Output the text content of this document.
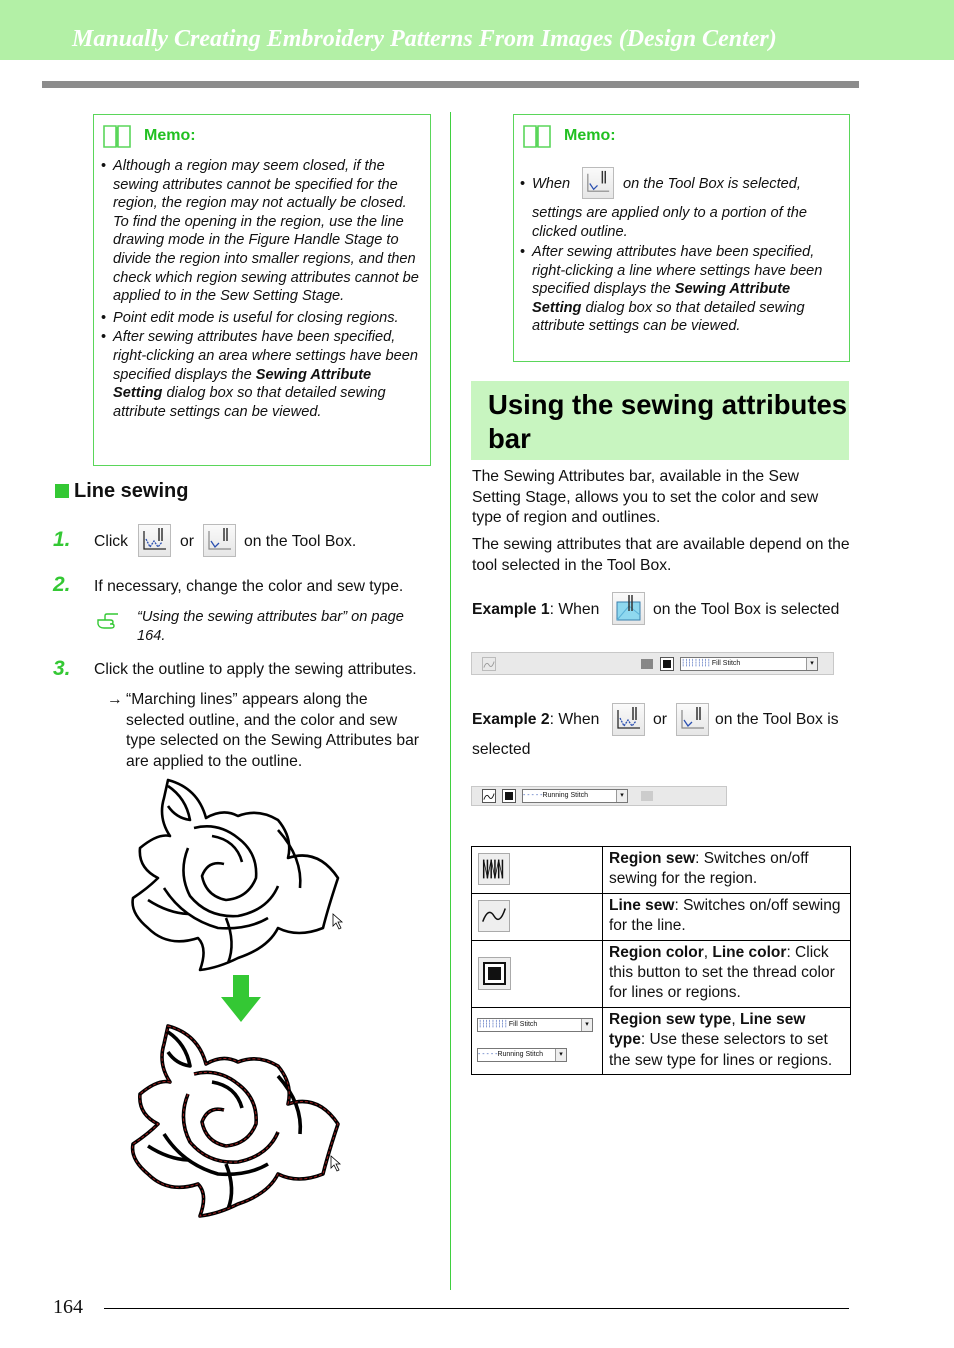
Manually Creating Embroidery Patterns From Images (Design Center)
Memo:
• Although a region may seem closed, if the sewing attributes cannot be specified for the region, the region may not actually be closed. To find the opening in the region, use the line drawing mode in the Figure Handle Stage to divide the region into smaller regions, and then check which region sewing attributes cannot be applied to in the Sew Setting Stage.
• Point edit mode is useful for closing regions.
• After sewing attributes have been specified, right-clicking an area where settings have been specified displays the Sewing Attribute Setting dialog box so that detailed sewing attribute settings can be viewed.
Line sewing
1. Click	or	on the Tool Box.
2. If necessary, change the color and sew type.
“Using the sewing attributes bar” on page 164.
3. Click the outline to apply the sewing attributes.
→ “Marching lines” appears along the selected outline, and the color and sew type selected on the Sewing Attributes bar are applied to the outline.
Memo:
• When	on the Tool Box is selected,
settings are applied only to a portion of the clicked outline.
• After sewing attributes have been specified, right-clicking a line where settings have been specified displays the Sewing Attribute Setting dialog box so that detailed sewing attribute settings can be viewed.
Using the sewing attributes bar
The Sewing Attributes bar, available in the Sew Setting Stage, allows you to set the color and sew type of region and outlines.
The sewing attributes that are available depend on the tool selected in the Tool Box.
Example 1: When	on the Tool Box is selected
┆┆┆┆┆┆┆┆┆ Fill Stitch	▾
Example 2: When	or	on the Tool Box is
selected
- - - - -Running Stitch	▾
	Region sew: Switches on/off sewing for the region.

	Line sew: Switches on/off sewing for the line.

	Region color, Line color: Click this button to set the thread color for lines or regions.

┆┆┆┆┆┆┆┆┆ Fill Stitch ▾
- - - - -Running Stitch ▾	Region sew type, Line sew type: Use these selectors to set the sew type for lines or regions.
164
